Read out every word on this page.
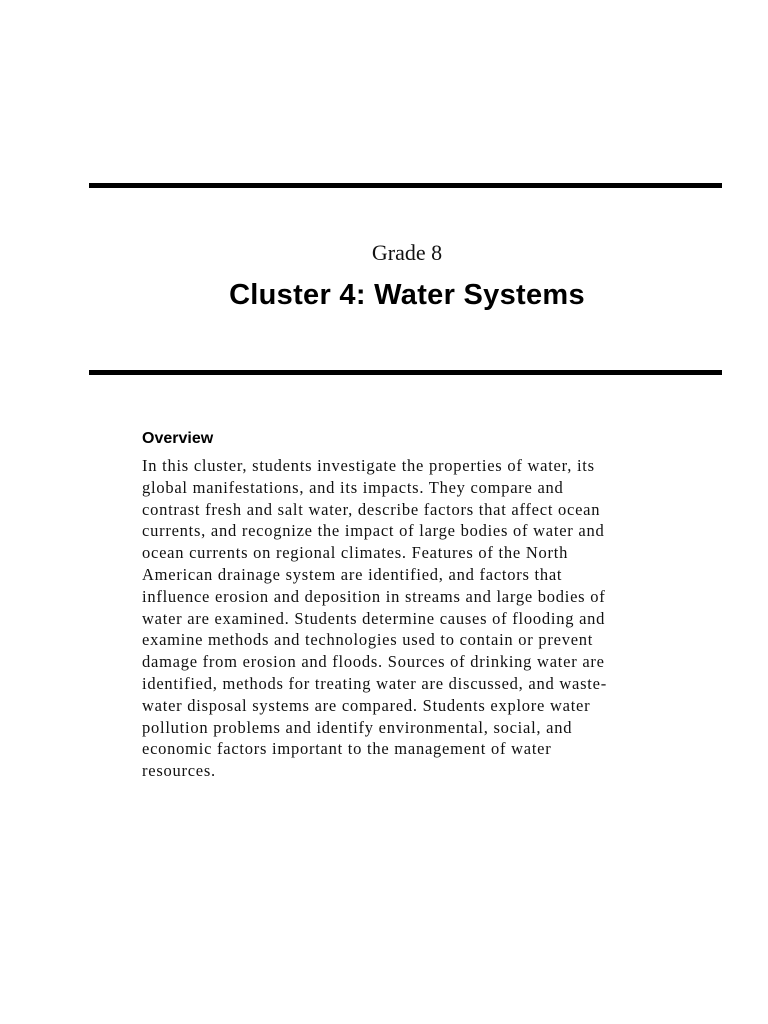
Grade 8
Cluster 4: Water Systems
Overview

In this cluster, students investigate the properties of water, its
global manifestations, and its impacts. They compare and
contrast fresh and salt water, describe factors that affect ocean
currents, and recognize the impact of large bodies of water and
ocean currents on regional climates. Features of the North
American drainage system are identified, and factors that
influence erosion and deposition in streams and large bodies of
water are examined. Students determine causes of flooding and
examine methods and technologies used to contain or prevent
damage from erosion and floods. Sources of drinking water are
identified, methods for treating water are discussed, and waste-
water disposal systems are compared. Students explore water
pollution problems and identify environmental, social, and
economic factors important to the management of water
resources.
